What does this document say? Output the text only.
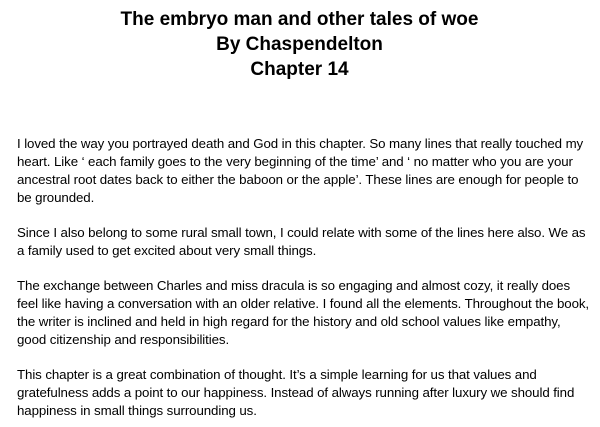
The embryo man and other tales of woe
By Chaspendelton
Chapter 14

I loved the way you portrayed death and God in this chapter. So many lines that really touched my heart. Like ‘ each family goes to the very beginning of the time’ and ‘ no matter who you are your ancestral root dates back to either the baboon or the apple’. These lines are enough for people to be grounded.

Since I also belong to some rural small town, I could relate with some of the lines here also. We as a family used to get excited about very small things.

The exchange between Charles and miss dracula is so engaging and almost cozy, it really does feel like having a conversation with an older relative. I found all the elements. Throughout the book, the writer is inclined and held in high regard for the history and old school values like empathy, good citizenship and responsibilities.

This chapter is a great combination of thought. It’s a simple learning for us that values and gratefulness adds a point to our happiness. Instead of always running after luxury we should find happiness in small things surrounding us.
